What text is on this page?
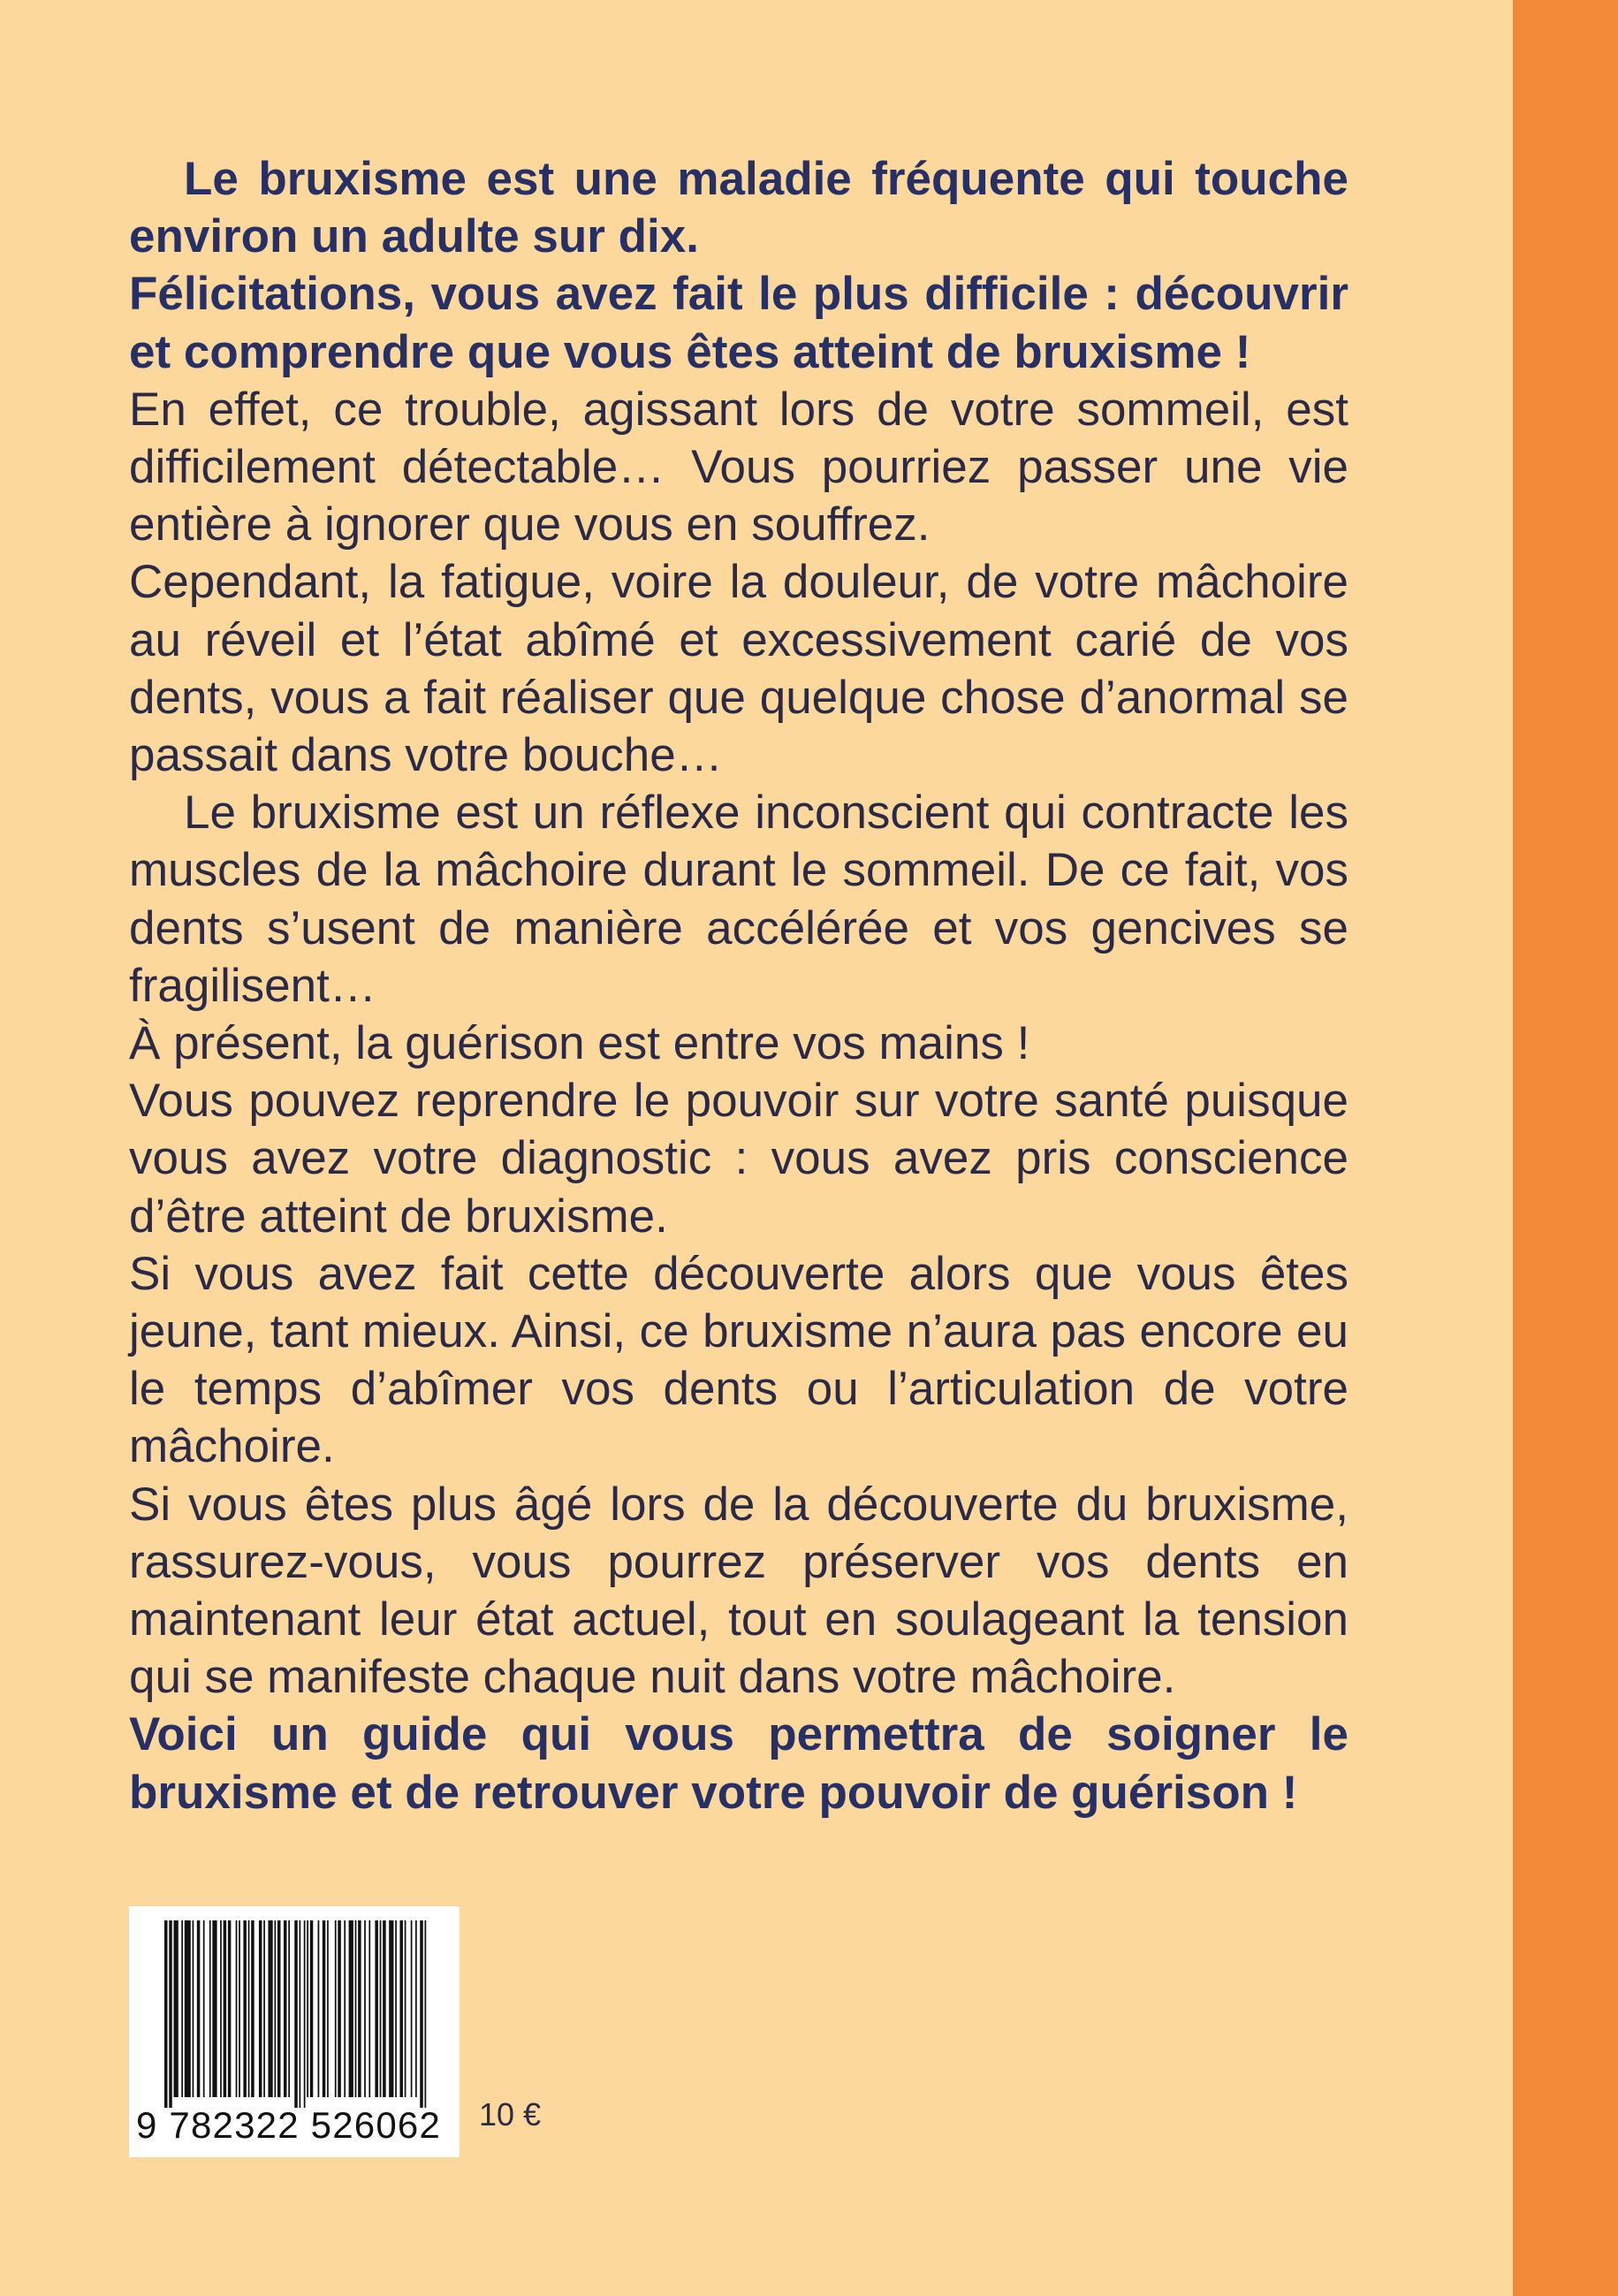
Le bruxisme est une maladie fréquente qui touche environ un adulte sur dix.

Félicitations, vous avez fait le plus difficile : découvrir et comprendre que vous êtes atteint de bruxisme !

En effet, ce trouble, agissant lors de votre sommeil, est difficilement détectable… Vous pourriez passer une vie entière à ignorer que vous en souffrez.

Cependant, la fatigue, voire la douleur, de votre mâchoire au réveil et l’état abîmé et excessivement carié de vos dents, vous a fait réaliser que quelque chose d’anormal se passait dans votre bouche…

Le bruxisme est un réflexe inconscient qui contracte les muscles de la mâchoire durant le sommeil. De ce fait, vos dents s’usent de manière accélérée et vos gencives se fragilisent…

À présent, la guérison est entre vos mains !

Vous pouvez reprendre le pouvoir sur votre santé puisque vous avez votre diagnostic : vous avez pris conscience d’être atteint de bruxisme.

Si vous avez fait cette découverte alors que vous êtes jeune, tant mieux. Ainsi, ce bruxisme n’aura pas encore eu le temps d’abîmer vos dents ou l’articulation de votre mâchoire.

Si vous êtes plus âgé lors de la découverte du bruxisme, rassurez-vous, vous pourrez préserver vos dents en maintenant leur état actuel, tout en soulageant la tension qui se manifeste chaque nuit dans votre mâchoire.

Voici un guide qui vous permettra de soigner le bruxisme et de retrouver votre pouvoir de guérison !

9 782322 526062	10 €
